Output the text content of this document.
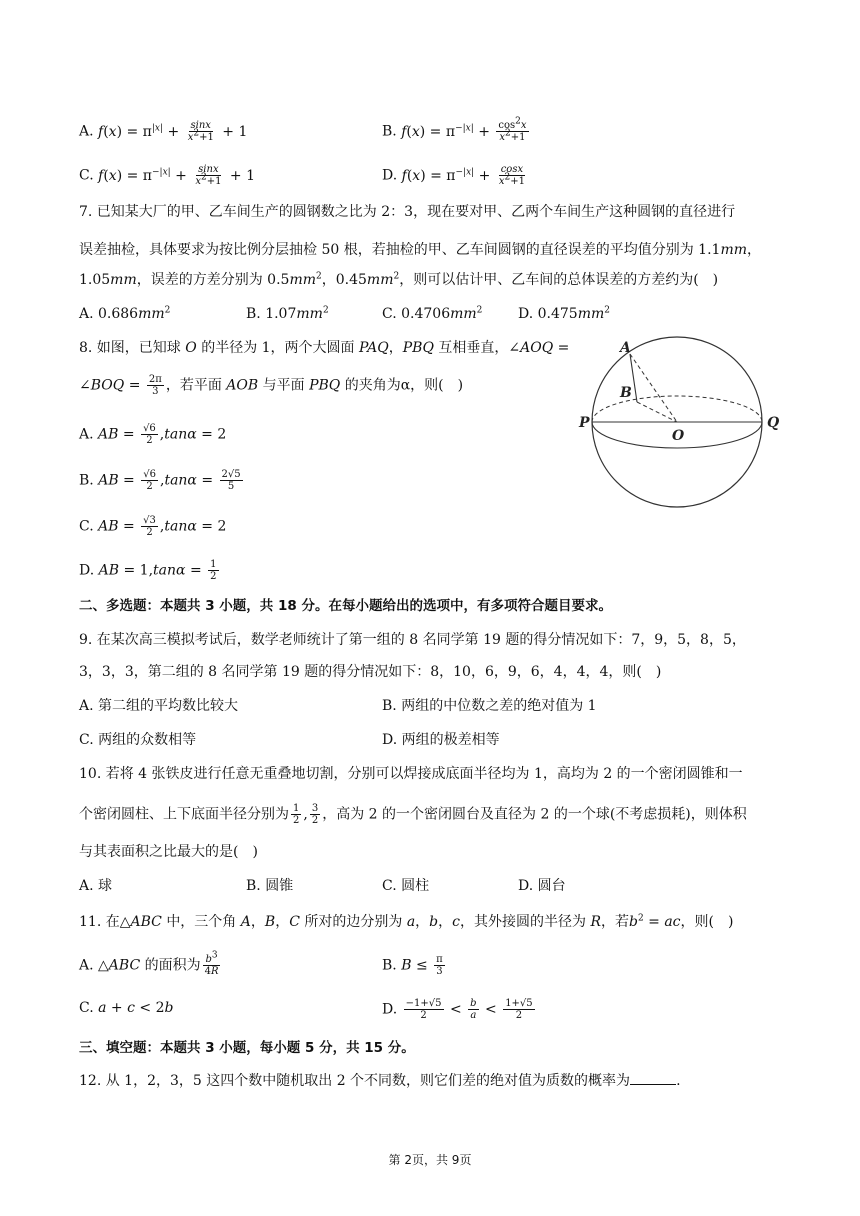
A. $f(x) = \pi^{|x|} + \frac{\sin x}{x^2+1} + 1$	B. $f(x) = \pi^{-|x|} + \frac{\cos^2x}{x^2+1}$
C. $f(x) = \pi^{-|x|} + \frac{\sin x}{x^2+1} + 1$	D. $f(x) = \pi^{-|x|} + \frac{\cos x}{x^2+1}$
7. 已知某大厂的甲、乙车间生产的圆钢数之比为 2：3，现在要对甲、乙两个车间生产这种圆钢的直径进行
误差抽检，具体要求为按比例分层抽检 50 根，若抽检的甲、乙车间圆钢的直径误差的平均值分别为 1.1mm，
1.05mm，误差的方差分别为 $0.5mm^2$，$0.45mm^2$，则可以估计甲、乙车间的总体误差的方差约为(　)
A. $0.686mm^2$	B. $1.07mm^2$	C. $0.4706mm^2$	D. $0.475mm^2$
8. 如图，已知球 O 的半径为 1，两个大圆面 PAQ，PBQ 互相垂直，∠AOQ =
∠BOQ = $\frac{2\pi}{3}$ ，若平面 AOB 与平面 PBQ 的夹角为α，则(　)
A. AB = $\frac{√6}{2} ,\tan\alpha = 2$
B. AB = $\frac{√6}{2} ,\tan\alpha = \frac{2√5}{5}$
C. AB = $\frac{√3}{2} ,\tan\alpha = 2$
D. AB = $1,\tan\alpha = \frac{1}{2}$
A
B
P
O
Q
二、多选题：本题共 3 小题，共 18 分。在每小题给出的选项中，有多项符合题目要求。
9. 在某次高三模拟考试后，数学老师统计了第一组的 8 名同学第 19 题的得分情况如下：7，9，5，8，5，
3，3，3，第二组的 8 名同学第 19 题的得分情况如下：8，10，6，9，6，4，4，4，则(　)
A. 第二组的平均数比较大	B. 两组的中位数之差的绝对值为 1
C. 两组的众数相等	D. 两组的极差相等
10. 若将 4 张铁皮进行任意无重叠地切割，分别可以焊接成底面半径均为 1，高均为 2 的一个密闭圆锥和一
个密闭圆柱、上下底面半径分别为 $\frac{1}{2}$ , $\frac{3}{2}$ ，高为 2 的一个密闭圆台及直径为 2 的一个球(不考虑损耗)，则体积
与其表面积之比最大的是(　)
A. 球	B. 圆锥	C. 圆柱	D. 圆台
11. 在△ABC 中，三个角 A，B，C 所对的边分别为 a，b，c，其外接圆的半径为 R，若$b^2$ = ac，则(　)
A. △ABC 的面积为 $\frac{b^3}{4R}$	B. $B \le \frac{\pi}{3}$
C. a + c < 2b	D. $\frac{-1+√5}{2} < \frac{b}{a} < \frac{1+√5}{2}$
三、填空题：本题共 3 小题，每小题 5 分，共 15 分。
12. 从 1，2，3，5 这四个数中随机取出 2 个不同数，则它们差的绝对值为质数的概率为	.
第 2页，共 9页
